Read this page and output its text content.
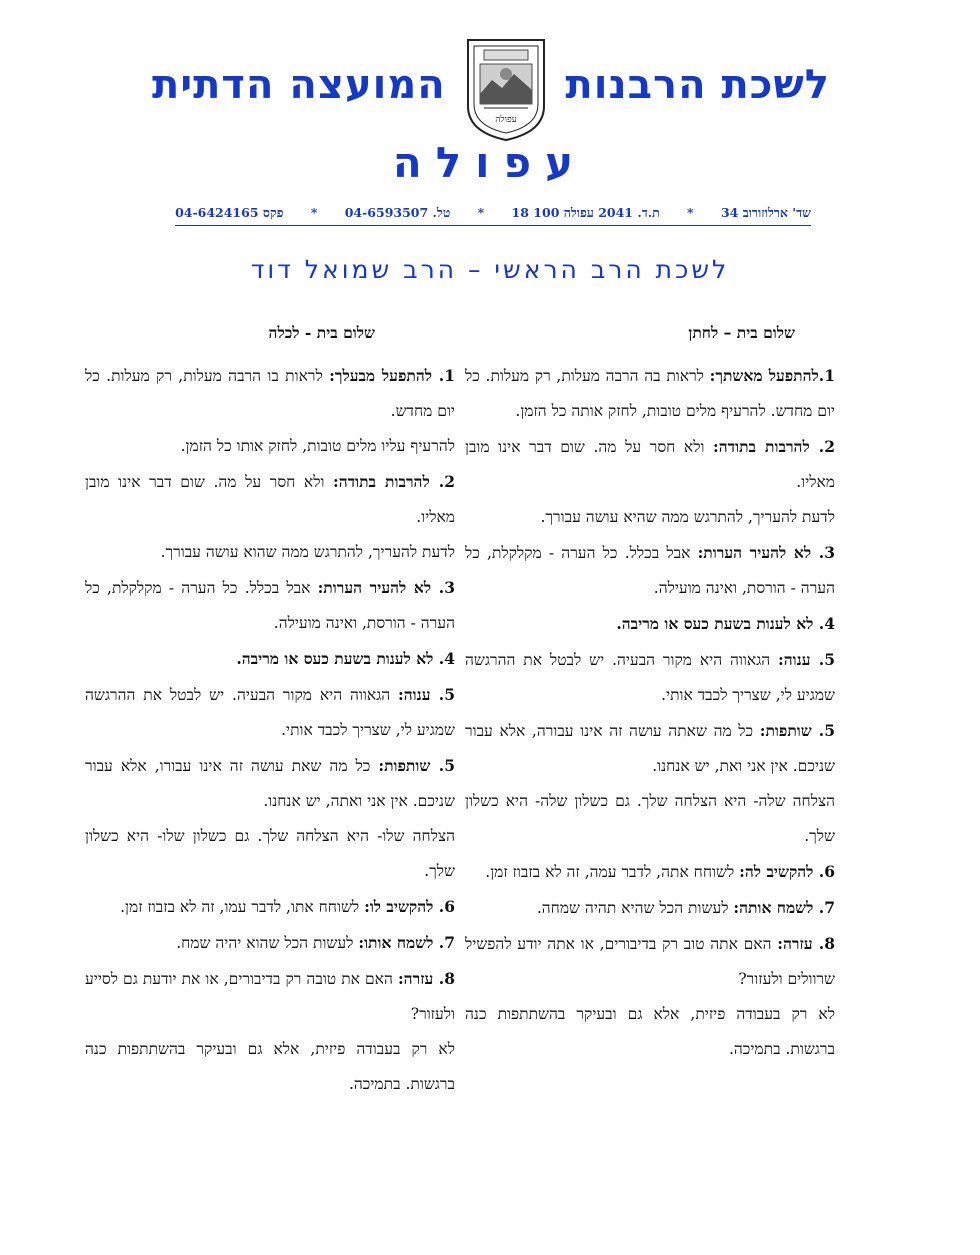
לשכת הרבנות
המועצה הדתית
עפולה
עפולה
שד' ארלוזורוב 34
*
ת.ד. 2041 עפולה 100 18
*
טל. 04-6593507
*
פקס 04-6424165
לשכת הרב הראשי – הרב שמואל דוד
שלום בית – לחתן

1.להתפעל מאשתך: לראות בה הרבה מעלות, רק מעלות. כל יום מחדש. להרעיף מלים טובות, לחזק אותה כל הזמן.

2. להרבות בתודה: ולא חסר על מה. שום דבר אינו מובן מאליו.

לדעת להעריך, להתרגש ממה שהיא עושה עבורך.

3. לא להעיר הערות: אבל בכלל. כל הערה - מקלקלת, כל הערה - הורסת, ואינה מועילה.

4. לא לענות בשעת כעס או מריבה.

5. ענוה: הגאווה היא מקור הבעיה. יש לבטל את ההרגשה שמגיע לי, שצריך לכבד אותי.

5. שותפות: כל מה שאתה עושה זה אינו עבורה, אלא עבור שניכם. אין אני ואת, יש אנחנו.

הצלחה שלה- היא הצלחה שלך. גם כשלון שלה- היא כשלון שלך.

6. להקשיב לה: לשוחח אתה, לדבר עמה, זה לא בזבוז זמן.

7. לשמח אותה: לעשות הכל שהיא תהיה שמחה.

8. עזרה: האם אתה טוב רק בדיבורים, או אתה יודע להפשיל שרוולים ולעזור?

לא רק בעבודה פיזית, אלא גם ובעיקר בהשתתפות כנה ברגשות. בתמיכה.

שלום בית - לכלה

1. להתפעל מבעלך: לראות בו הרבה מעלות, רק מעלות. כל יום מחדש.

להרעיף עליו מלים טובות, לחזק אותו כל הזמן.

2. להרבות בתודה: ולא חסר על מה. שום דבר אינו מובן מאליו.

לדעת להעריך, להתרגש ממה שהוא עושה עבורך.

3. לא להעיר הערות: אבל בכלל. כל הערה - מקלקלת, כל הערה - הורסת, ואינה מועילה.

4. לא לענות בשעת כעס או מריבה.

5. ענוה: הגאווה היא מקור הבעיה. יש לבטל את ההרגשה שמגיע לי, שצריך לכבד אותי.

5. שותפות: כל מה שאת עושה זה אינו עבורו, אלא עבור שניכם. אין אני ואתה, יש אנחנו.

הצלחה שלו- היא הצלחה שלך. גם כשלון שלו- היא כשלון שלך.

6. להקשיב לו: לשוחח אתו, לדבר עמו, זה לא בזבוז זמן.

7. לשמח אותו: לעשות הכל שהוא יהיה שמח.

8. עזרה: האם את טובה רק בדיבורים, או את יודעת גם לסייע ולעזור?

לא רק בעבודה פיזית, אלא גם ובעיקר בהשתתפות כנה ברגשות. בתמיכה.
